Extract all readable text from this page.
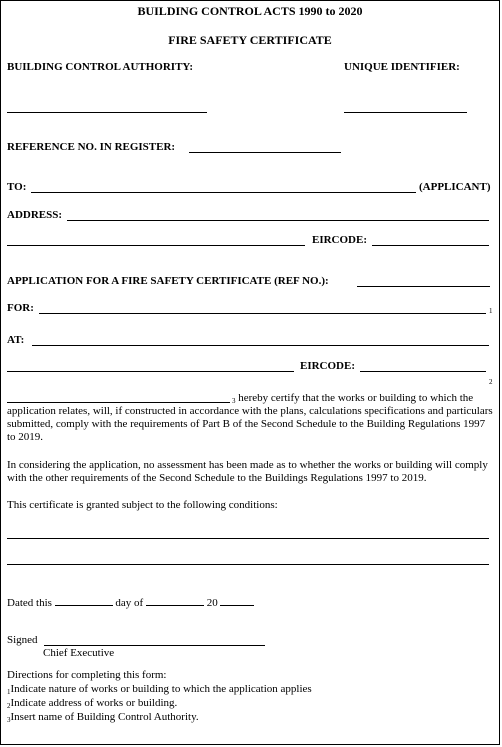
BUILDING CONTROL ACTS 1990 to 2020
FIRE SAFETY CERTIFICATE
BUILDING CONTROL AUTHORITY:	UNIQUE IDENTIFIER:
REFERENCE NO. IN REGISTER:
TO:	(APPLICANT)
ADDRESS:
EIRCODE:
APPLICATION FOR A FIRE SAFETY CERTIFICATE (REF NO.):
FOR:	1
AT:
EIRCODE:
2
3 hereby certify that the works or building to which the
application relates, will, if constructed in accordance with the plans, calculations specifications and particulars submitted, comply with the requirements of Part B of the Second Schedule to the Building Regulations 1997 to 2019.
In considering the application, no assessment has been made as to whether the works or building will comply with the other requirements of the Second Schedule to the Buildings Regulations 1997 to 2019.
This certificate is granted subject to the following conditions:
Dated this	day of	20
Signed
Chief Executive
Directions for completing this form:
1Indicate nature of works or building to which the application applies
2Indicate address of works or building.
3Insert name of Building Control Authority.
